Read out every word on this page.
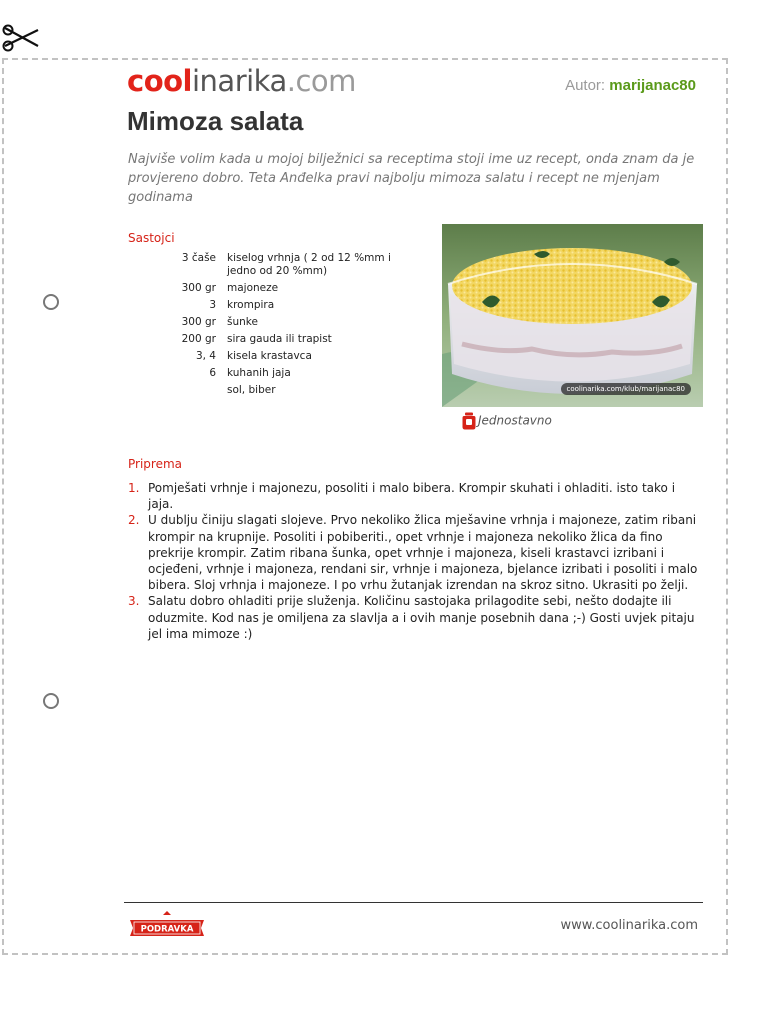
coolinarika.com	Autor: marijanac80
Mimoza salata

Najviše volim kada u mojoj bilježnici sa receptima stoji ime uz recept, onda znam da je provjereno dobro. Teta Anđelka pravi najbolju mimoza salatu i recept ne mjenjam godinama

Sastojci

3 čaše	kiselog vrhnja ( 2 od 12 %mm i jedno od 20 %mm)
300 gr	majoneze
3	krompira
300 gr	šunke
200 gr	sira gauda ili trapist
3, 4	kisela krastavca
6	kuhanih jaja
	sol, biber	coolinarika.com/klub/marijanac80
Jednostavno

Priprema

1. Pomješati vrhnje i majonezu, posoliti i malo bibera. Krompir skuhati i ohladiti. isto tako i jaja.
2. U dublju činiju slagati slojeve. Prvo nekoliko žlica mješavine vrhnja i majoneze, zatim ribani krompir na krupnije. Posoliti i pobiberiti., opet vrhnje i majoneza nekoliko žlica da fino prekrije krompir. Zatim ribana šunka, opet vrhnje i majoneza, kiseli krastavci izribani i ocjeđeni, vrhnje i majoneza, rendani sir, vrhnje i majoneza, bjelance izribati i posoliti i malo bibera. Sloj vrhnja i majoneze. I po vrhu žutanjak izrendan na skroz sitno. Ukrasiti po želji.
3. Salatu dobro ohladiti prije služenja. Količinu sastojaka prilagodite sebi, nešto dodajte ili oduzmite. Kod nas je omiljena za slavlja a i ovih manje posebnih dana ;-) Gosti uvjek pitaju jel ima mimoze :)
PODRAVKA	www.coolinarika.com
